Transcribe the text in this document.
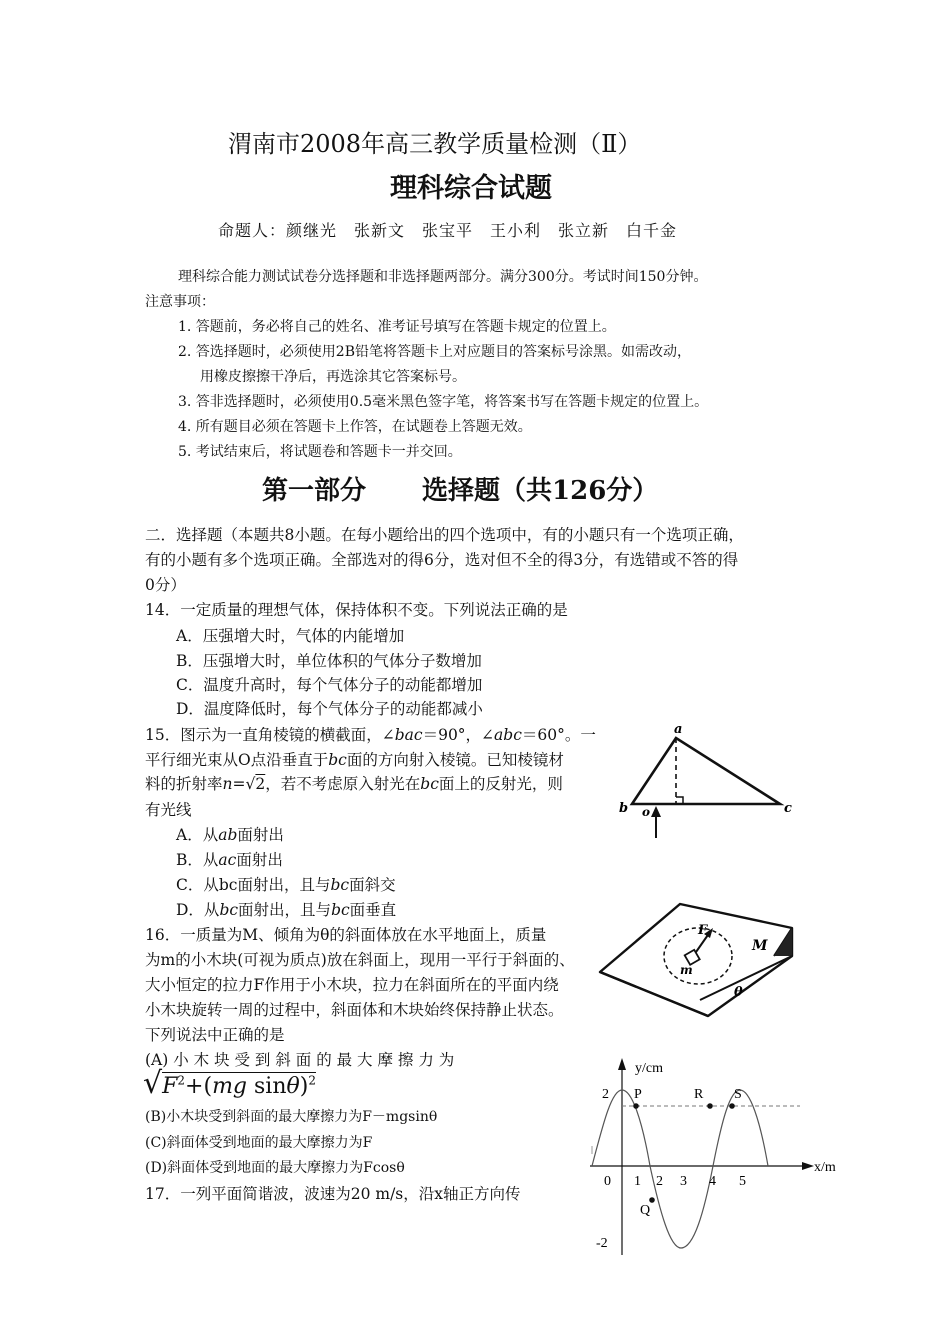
渭南市2008年高三教学质量检测（Ⅱ）
理科综合试题
命题人：颜继光　张新文　张宝平　王小利　张立新　白千金
理科综合能力测试试卷分选择题和非选择题两部分。满分300分。考试时间150分钟。
注意事项：
1. 答题前，务必将自己的姓名、准考证号填写在答题卡规定的位置上。
2. 答选择题时，必须使用2B铅笔将答题卡上对应题目的答案标号涂黑。如需改动，
用橡皮擦擦干净后，再选涂其它答案标号。
3. 答非选择题时，必须使用0.5毫米黑色签字笔，将答案书写在答题卡规定的位置上。
4. 所有题目必须在答题卡上作答，在试题卷上答题无效。
5. 考试结束后，将试题卷和答题卡一并交回。
第一部分 选择题（共126分）
二．选择题（本题共8小题。在每小题给出的四个选项中，有的小题只有一个选项正确，
有的小题有多个选项正确。全部选对的得6分，选对但不全的得3分，有选错或不答的得
0分）
14．一定质量的理想气体，保持体积不变。下列说法正确的是
A．压强增大时，气体的内能增加
B．压强增大时，单位体积的气体分子数增加
C．温度升高时，每个气体分子的动能都增加
D．温度降低时，每个气体分子的动能都减小
15．图示为一直角棱镜的横截面，∠bac＝90°，∠abc＝60°。一
平行细光束从O点沿垂直于bc面的方向射入棱镜。已知棱镜材
料的折射率n=√2，若不考虑原入射光在bc面上的反射光，则
有光线
A．从ab面射出
B．从ac面射出
C．从bc面射出，且与bc面斜交
D．从bc面射出，且与bc面垂直
a
b	c
o
16．一质量为M、倾角为θ的斜面体放在水平地面上，质量
为m的小木块(可视为质点)放在斜面上，现用一平行于斜面的、
大小恒定的拉力F作用于小木块，拉力在斜面所在的平面内绕
小木块旋转一周的过程中，斜面体和木块始终保持静止状态。
下列说法中正确的是
(A) 小 木 块 受 到 斜 面 的 最 大 摩 擦 力 为
$√F^2+(mg$ sinθ)$^2$
(B)小木块受到斜面的最大摩擦力为F－mgsinθ
(C)斜面体受到地面的最大摩擦力为F
(D)斜面体受到地面的最大摩擦力为Fcosθ
F
M
m
θ
17．一列平面简谐波，波速为20 m/s，沿x轴正方向传
y/cm
x/m
2
-2
0 1 2 3 4 5
P
Q
R S
